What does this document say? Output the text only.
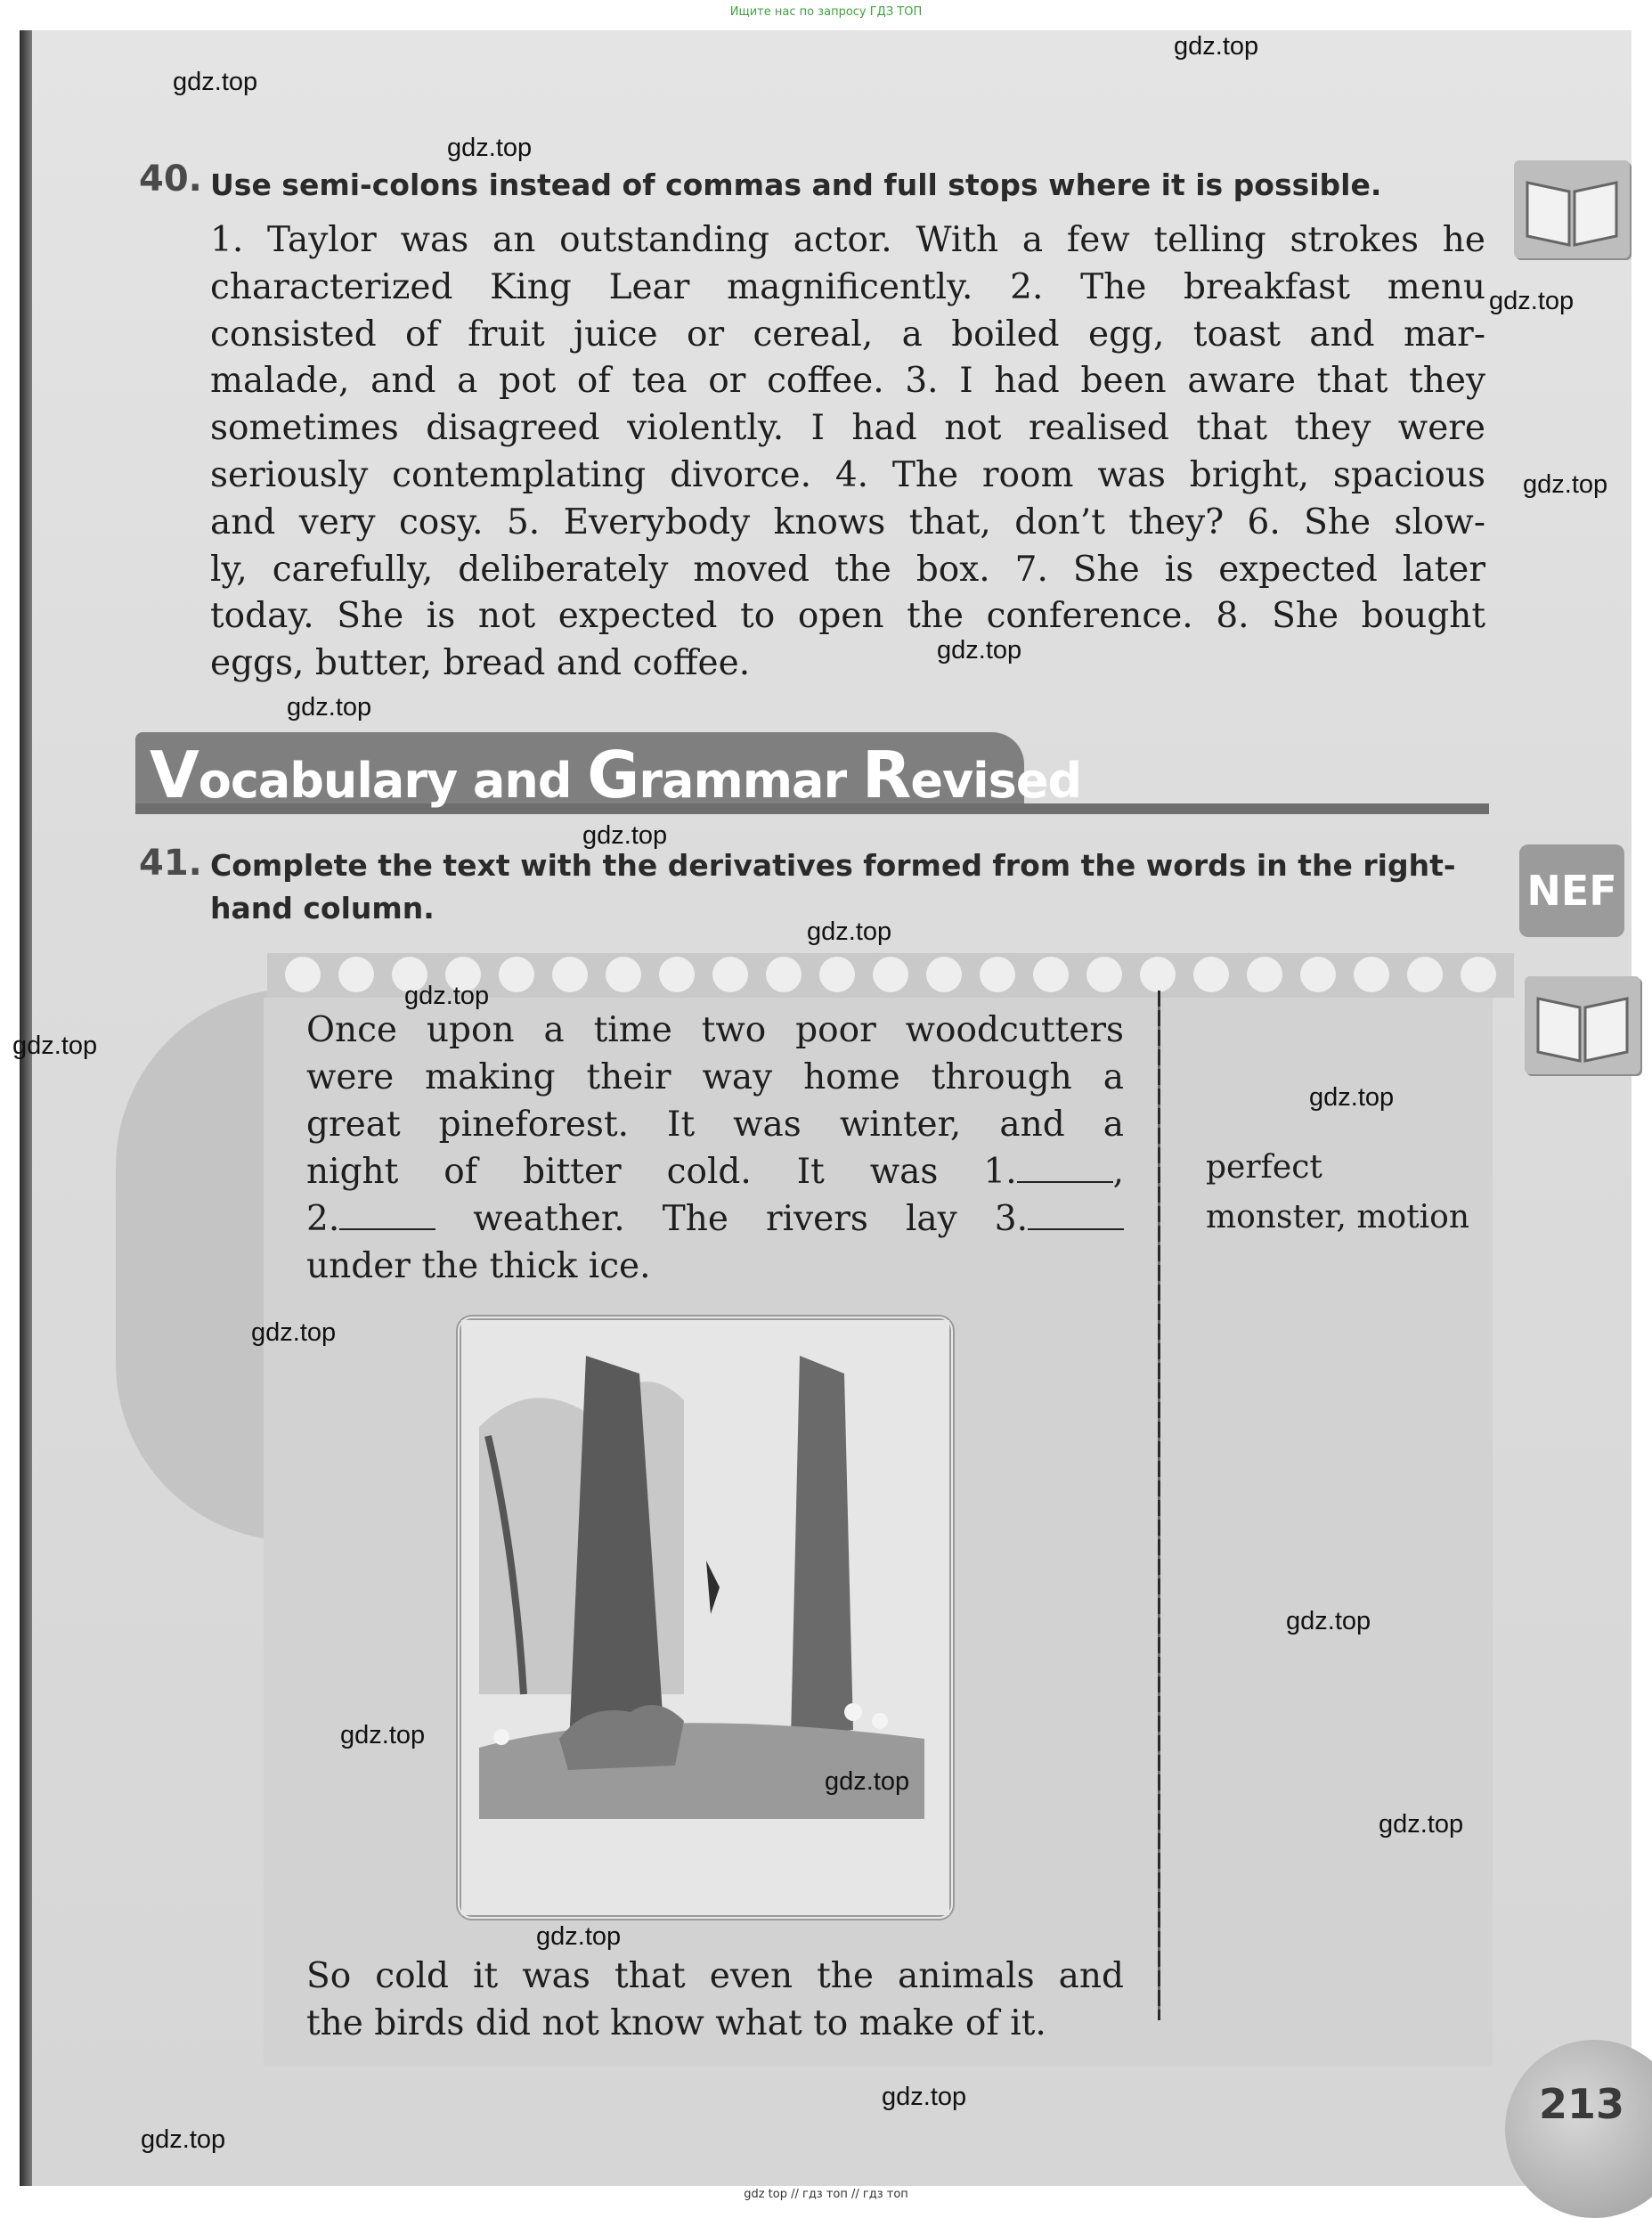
Ищите нас по запросу ГДЗ ТОП
40. Use semi-colons instead of commas and full stops where it is possible.

1. Taylor was an outstanding actor. With a few telling strokes he

characterized King Lear magnificently. 2. The breakfast menu

consisted of fruit juice or cereal, a boiled egg, toast and mar-

malade, and a pot of tea or coffee. 3. I had been aware that they

sometimes disagreed violently. I had not realised that they were

seriously contemplating divorce. 4. The room was bright, spacious

and very cosy. 5. Everybody knows that, don’t they? 6. She slow-

ly, carefully, deliberately moved the box. 7. She is expected later

today. She is not expected to open the conference. 8. She bought

eggs, butter, bread and coffee.

Vocabulary and Grammar Revised
41. Complete the text with the derivatives formed from the words in the right-
hand column.	NEF

Once upon a time two poor woodcutters

were making their way home through a

great pineforest. It was winter, and a

night of bitter cold. It was 1.	,

2.	weather. The rivers lay 3.

under the thick ice.

perfect
monster, motion

So cold it was that even the animals and

the birds did not know what to make of it.

213
gdz.top
gdz.top
gdz.top
gdz.top
gdz.top
gdz.top
gdz.top
gdz.top
gdz.top
gdz.top
gdz.top
gdz.top
gdz.top
gdz.top
gdz.top
gdz.top
gdz.top
gdz.top
gdz.top
gdz.top
gdz top // гдз топ // гдз топ
